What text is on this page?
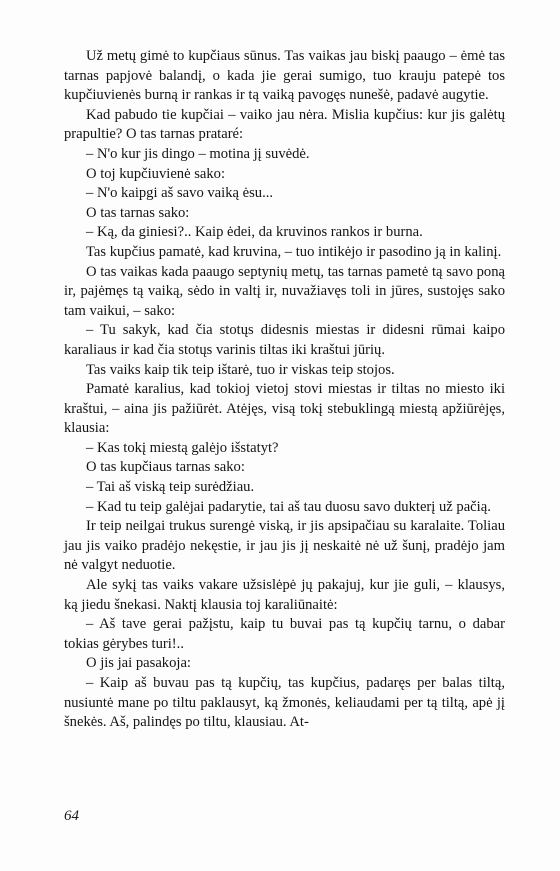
Už metų gimė to kupčiaus sūnus. Tas vaikas jau biskį paaugo – ėmė tas tarnas papjovė balandį, o kada jie gerai sumigo, tuo krauju patepė tos kupčiuvienės burną ir rankas ir tą vaiką pavogęs nunešė, padavė augytie.

Kad pabudo tie kupčiai – vaiko jau nėra. Mislia kupčius: kur jis galėtų prapultie? O tas tarnas prataré:

– N'o kur jis dingo – motina jį suvėdė.

O toj kupčiuvienė sako:

– N'o kaipgi aš savo vaiką ėsu...

O tas tarnas sako:

– Ką, da giniesi?.. Kaip ėdei, da kruvinos rankos ir burna.

Tas kupčius pamatė, kad kruvina, – tuo intikėjo ir pasodino ją in kalinį.

O tas vaikas kada paaugo septynių metų, tas tarnas pametė tą savo poną ir, pajėmęs tą vaiką, sėdo in valtį ir, nuvažiavęs toli in jūres, sustojęs sako tam vaikui, – sako:

– Tu sakyk, kad čia stotųs didesnis miestas ir didesni rūmai kaipo karaliaus ir kad čia stotųs varinis tiltas iki kraštui jūrių.

Tas vaiks kaip tik teip ištarė, tuo ir viskas teip stojos.

Pamatė karalius, kad tokioj vietoj stovi miestas ir tiltas no miesto iki kraštui, – aina jis pažiūrėt. Atėjęs, visą tokį stebuklingą miestą apžiūrėjęs, klausia:

– Kas tokį miestą galėjo išstatyt?

O tas kupčiaus tarnas sako:

– Tai aš viską teip surėdžiau.

– Kad tu teip galėjai padarytie, tai aš tau duosu savo dukterį už pačią.

Ir teip neilgai trukus surengė viską, ir jis apsipačiau su karalaite. Toliau jau jis vaiko pradėjo nekęstie, ir jau jis jį neskaitė nė už šunį, pradėjo jam nė valgyt neduotie.

Ale sykį tas vaiks vakare užsislėpė jų pakajuj, kur jie guli, – klausys, ką jiedu šnekasi. Naktį klausia toj karaliūnaitė:

– Aš tave gerai pažįstu, kaip tu buvai pas tą kupčių tarnu, o dabar tokias gėrybes turi!..

O jis jai pasakoja:

– Kaip aš buvau pas tą kupčių, tas kupčius, padaręs per balas tiltą, nusiuntė mane po tiltu paklausyt, ką žmonės, keliaudami per tą tiltą, apė jį šnekės. Aš, palindęs po tiltu, klausiau. At-

64
